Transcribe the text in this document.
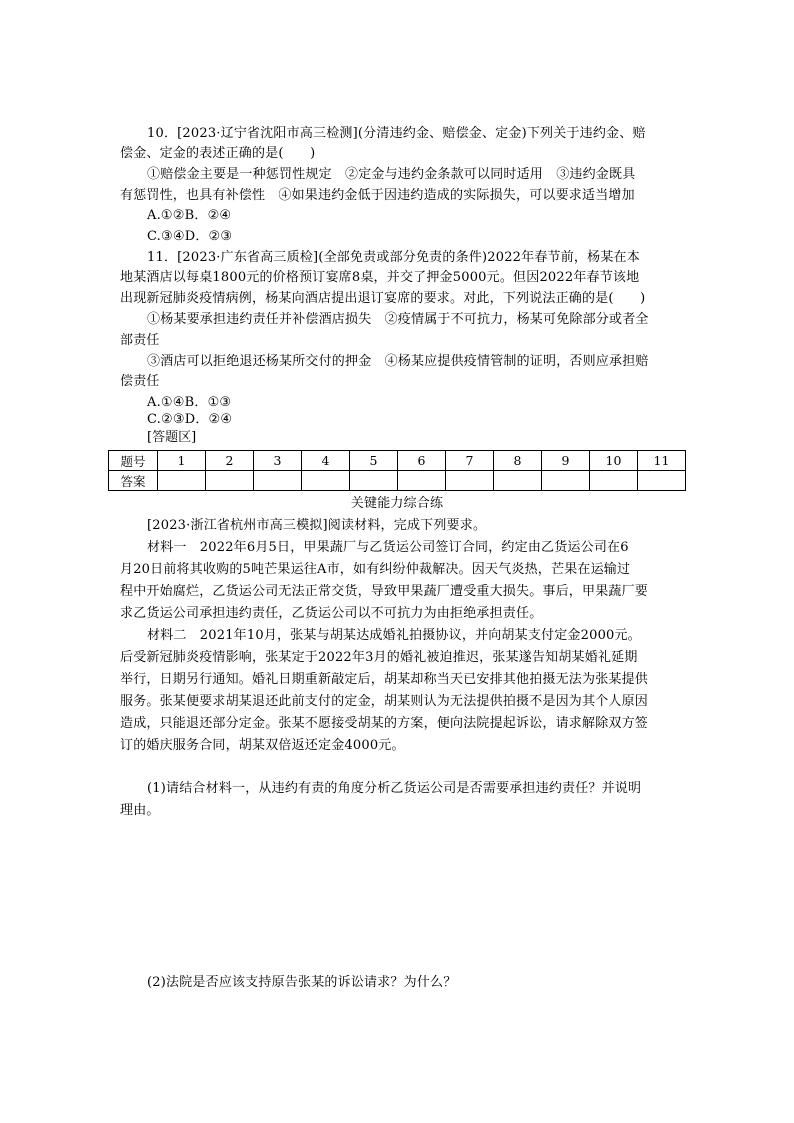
10．[2023·辽宁省沈阳市高三检测](分清违约金、赔偿金、定金)下列关于违约金、赔
偿金、定金的表述正确的是(　　)
①赔偿金主要是一种惩罚性规定　②定金与违约金条款可以同时适用　③违约金既具
有惩罚性，也具有补偿性　④如果违约金低于因违约造成的实际损失，可以要求适当增加
A.①②B．②④
C.③④D．②③
11．[2023·广东省高三质检](全部免责或部分免责的条件)2022年春节前，杨某在本
地某酒店以每桌1800元的价格预订宴席8桌，并交了押金5000元。但因2022年春节该地
出现新冠肺炎疫情病例，杨某向酒店提出退订宴席的要求。对此，下列说法正确的是(　　)
①杨某要承担违约责任并补偿酒店损失　②疫情属于不可抗力，杨某可免除部分或者全
部责任
③酒店可以拒绝退还杨某所交付的押金　④杨某应提供疫情管制的证明，否则应承担赔
偿责任
A.①④B．①③
C.②③D．②④
题号	1	2	3	4	5	6	7	8	9	10	11
答案											
关键能力综合练
[2023·浙江省杭州市高三模拟]阅读材料，完成下列要求。
材料一　2022年6月5日，甲果蔬厂与乙货运公司签订合同，约定由乙货运公司在6
月20日前将其收购的5吨芒果运往A市，如有纠纷仲裁解决。因天气炎热，芒果在运输过
程中开始腐烂，乙货运公司无法正常交货，导致甲果蔬厂遭受重大损失。事后，甲果蔬厂要
求乙货运公司承担违约责任，乙货运公司以不可抗力为由拒绝承担责任。
材料二　2021年10月，张某与胡某达成婚礼拍摄协议，并向胡某支付定金2000元。
后受新冠肺炎疫情影响，张某定于2022年3月的婚礼被迫推迟，张某遂告知胡某婚礼延期
举行，日期另行通知。婚礼日期重新敲定后，胡某却称当天已安排其他拍摄无法为张某提供
服务。张某便要求胡某退还此前支付的定金，胡某则认为无法提供拍摄不是因为其个人原因
造成，只能退还部分定金。张某不愿接受胡某的方案，便向法院提起诉讼，请求解除双方签
订的婚庆服务合同，胡某双倍返还定金4000元。
(1)请结合材料一，从违约有责的角度分析乙货运公司是否需要承担违约责任？并说明
理由。
(2)法院是否应该支持原告张某的诉讼请求？为什么？
[答题区]
